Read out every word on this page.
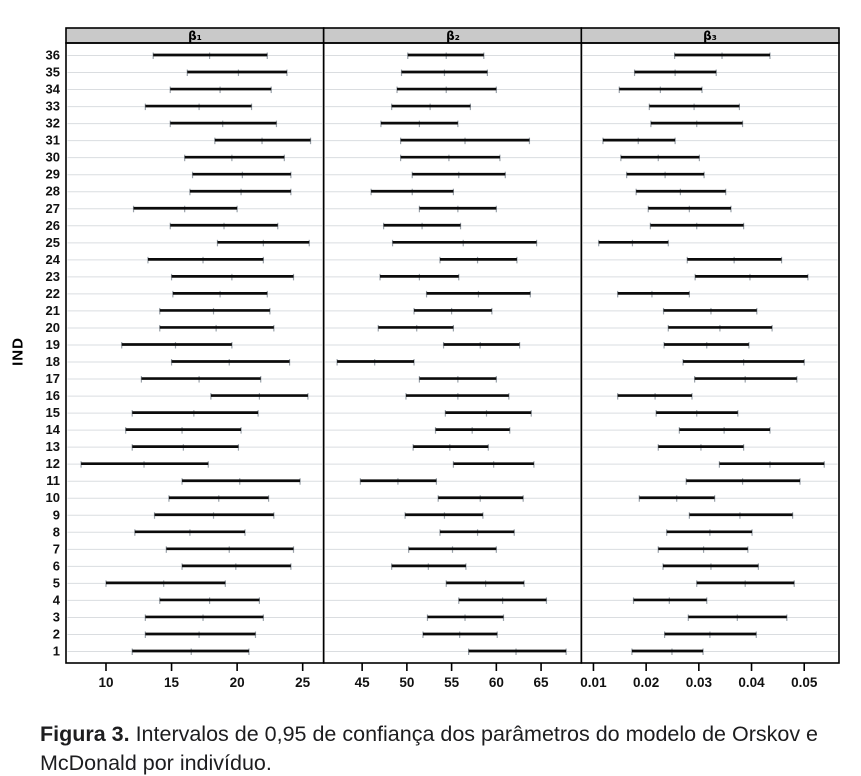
10	15	20	25	45 50 55 60 65 0.01 0.02 0.03 0.04 0.05
36
35
34
33
32
31
30
29
28
27
26
25
24
23
22
21
20
19
18
17
16
15
14
13
12
11
10
9
8
7
6
5
4
3
2
1
β₁	β₂	β₃
IND

Figura 3. Intervalos de 0,95 de confiança dos parâmetros do modelo de Orskov e McDonald por indivíduo.
